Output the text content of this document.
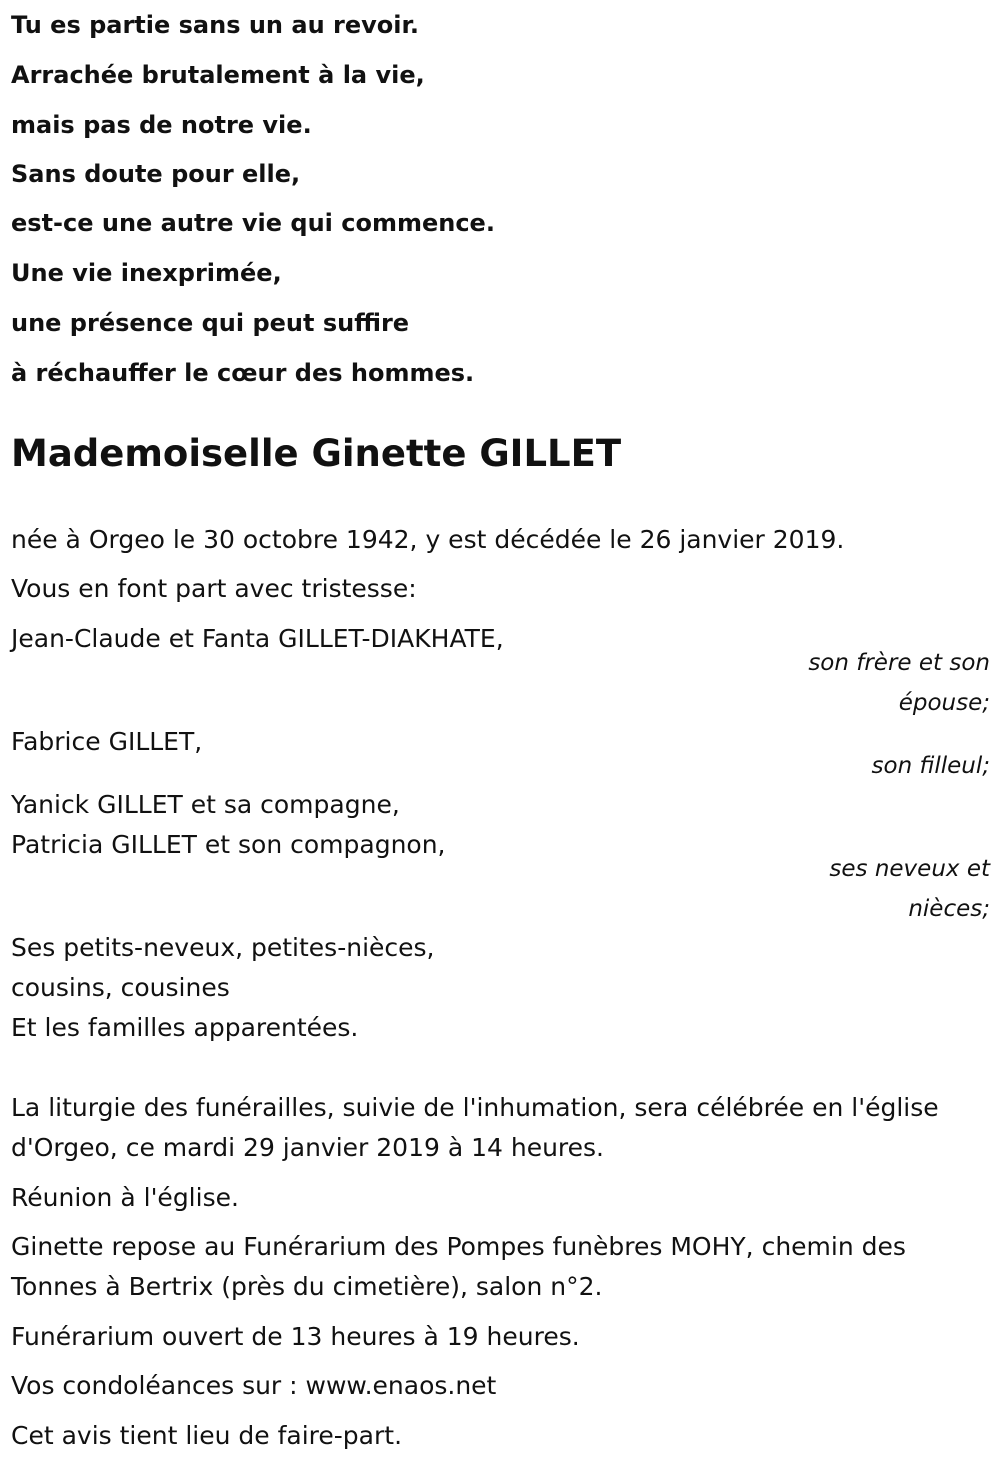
Tu es partie sans un au revoir.
Arrachée brutalement à la vie,
mais pas de notre vie.
Sans doute pour elle,
est-ce une autre vie qui commence.
Une vie inexprimée,
une présence qui peut suffire
à réchauffer le cœur des hommes.
Mademoiselle Ginette GILLET
née à Orgeo le 30 octobre 1942, y est décédée le 26 janvier 2019.
Vous en font part avec tristesse:
Jean-Claude et Fanta GILLET-DIAKHATE,
son frère et son
épouse;
Fabrice GILLET,
son filleul;
Yanick GILLET et sa compagne,
Patricia GILLET et son compagnon,
ses neveux et
nièces;
Ses petits-neveux, petites-nièces,
cousins, cousines
Et les familles apparentées.
La liturgie des funérailles, suivie de l'inhumation, sera célébrée en l'église
d'Orgeo, ce mardi 29 janvier 2019 à 14 heures.
Réunion à l'église.
Ginette repose au Funérarium des Pompes funèbres MOHY, chemin des
Tonnes à Bertrix (près du cimetière), salon n°2.
Funérarium ouvert de 13 heures à 19 heures.
Vos condoléances sur : www.enaos.net
Cet avis tient lieu de faire-part.
